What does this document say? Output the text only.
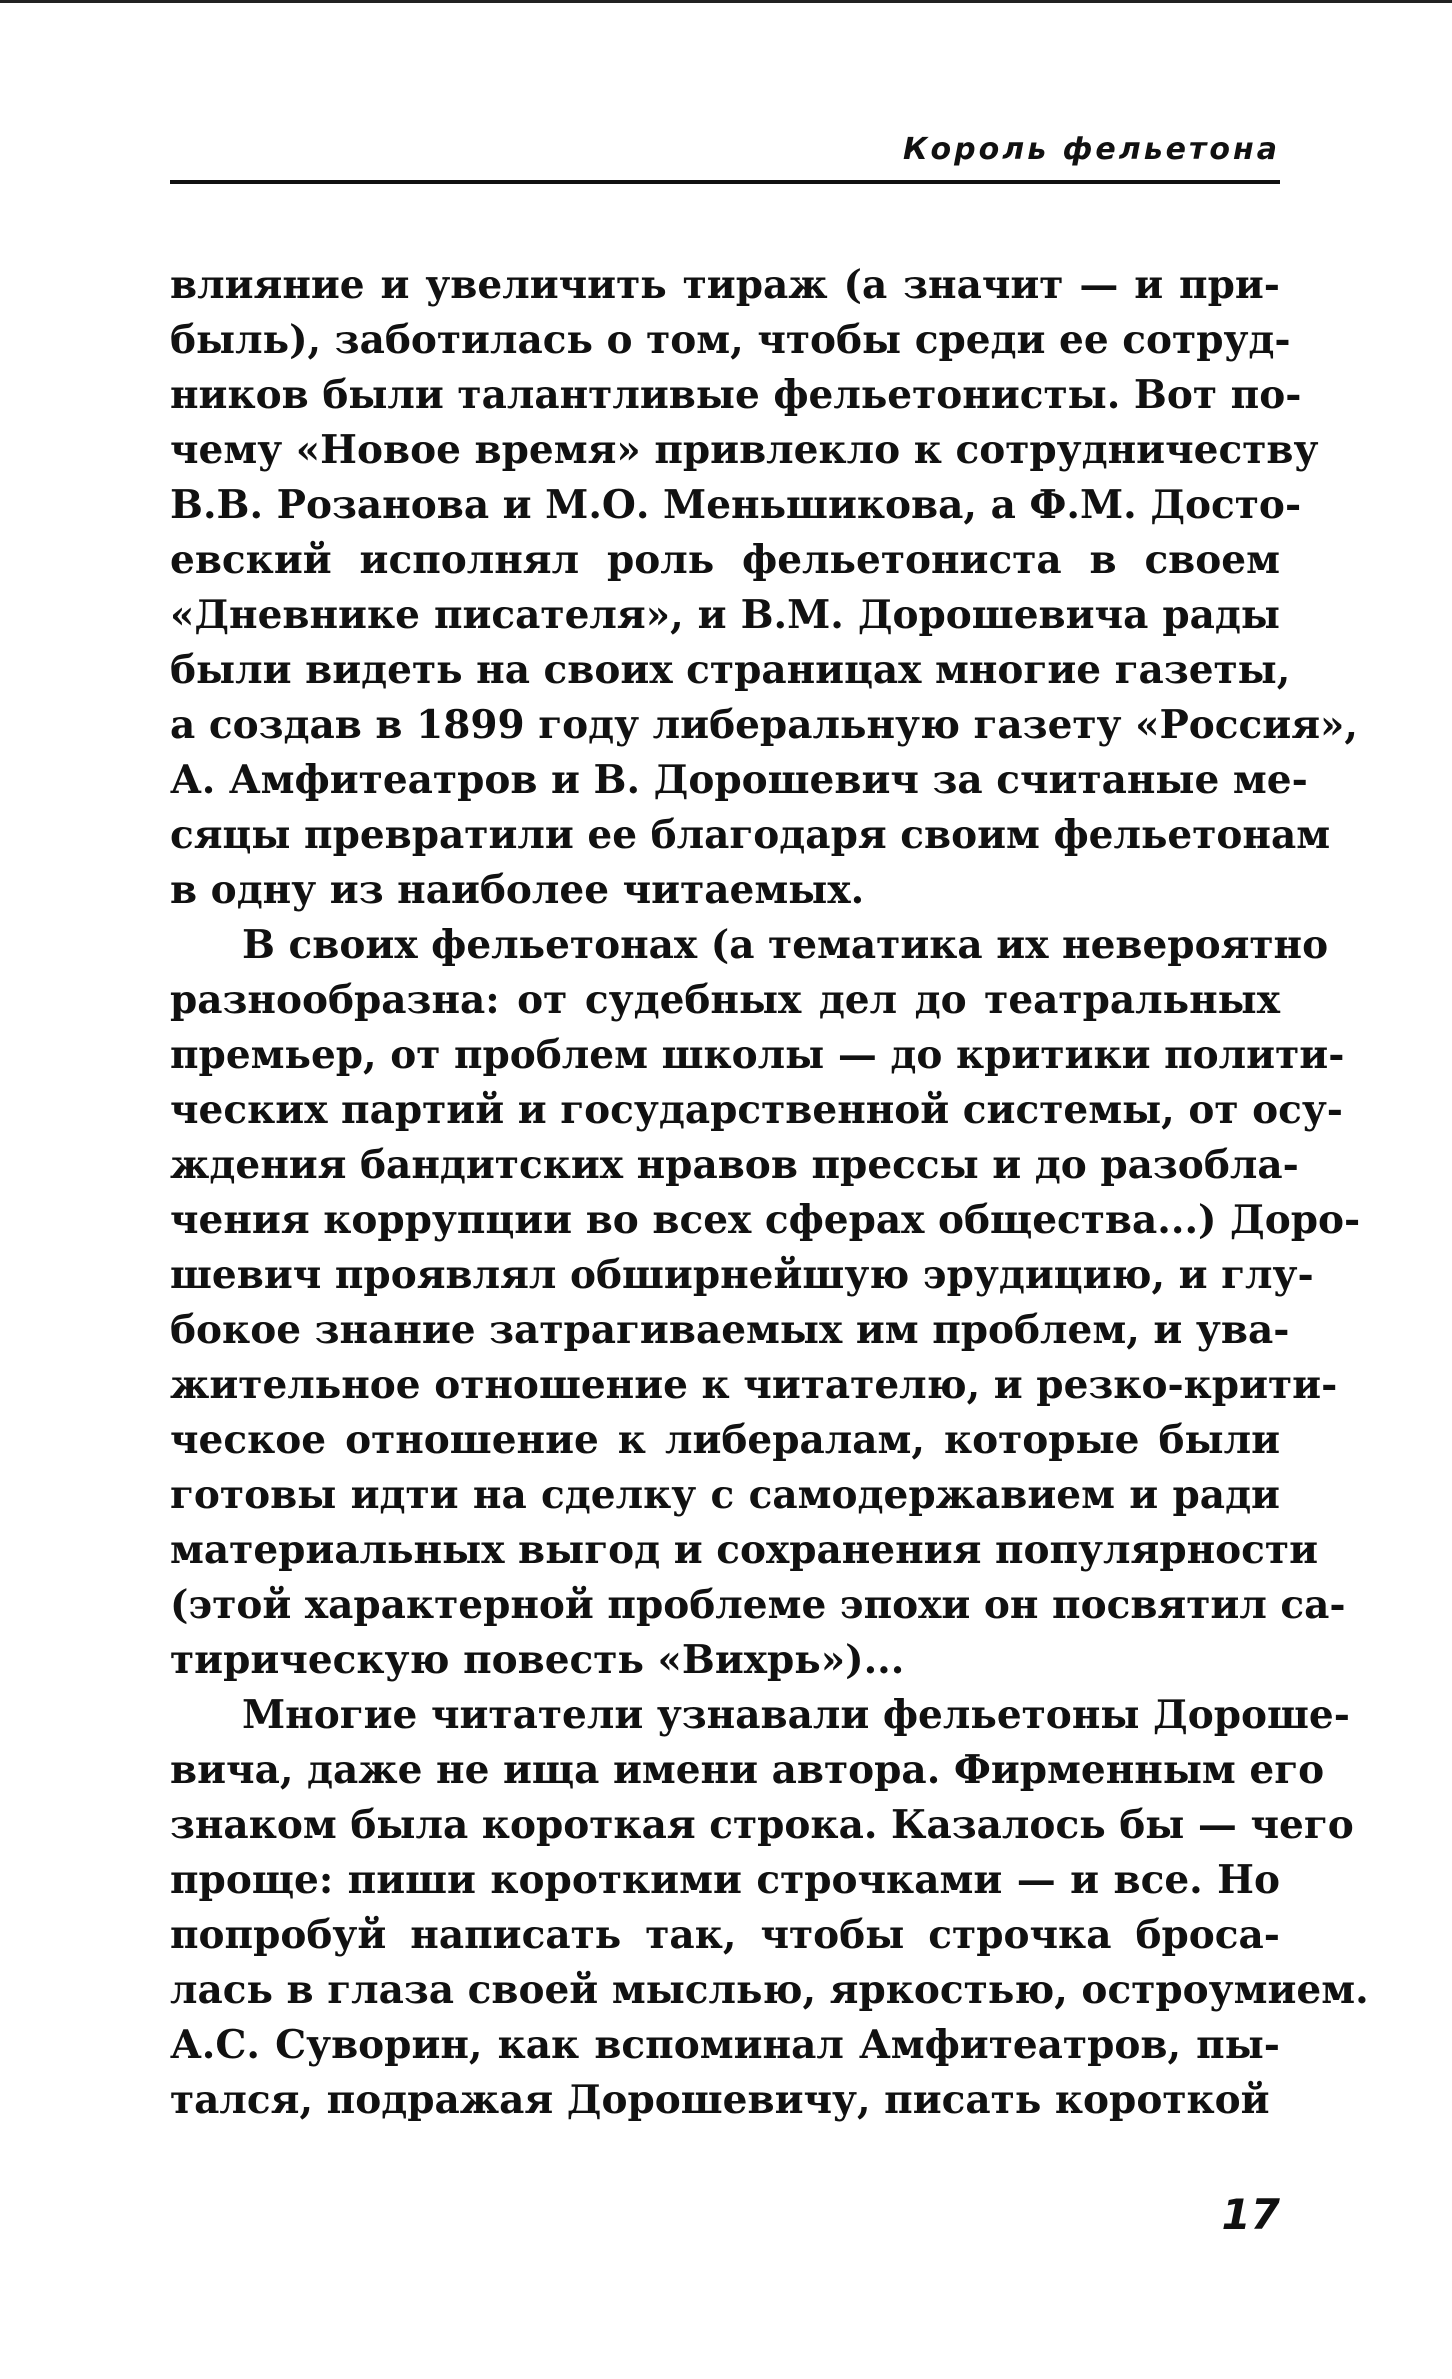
Король фельетона
влияние и увеличить тираж (а значит — и при-
быль), заботилась о том, чтобы среди ее сотруд-
ников были талантливые фельетонисты. Вот по-
чему «Новое время» привлекло к сотрудничеству
В.В. Розанова и М.О. Меньшикова, а Ф.М. Досто-
евский исполнял роль фельетониста в своем
«Дневнике писателя», и В.М. Дорошевича рады
были видеть на своих страницах многие газеты,
а создав в 1899 году либеральную газету «Россия»,
А. Амфитеатров и В. Дорошевич за считаные ме-
сяцы превратили ее благодаря своим фельетонам
в одну из наиболее читаемых.
В своих фельетонах (а тематика их невероятно
разнообразна: от судебных дел до театральных
премьер, от проблем школы — до критики полити-
ческих партий и государственной системы, от осу-
ждения бандитских нравов прессы и до разобла-
чения коррупции во всех сферах общества...) Доро-
шевич проявлял обширнейшую эрудицию, и глу-
бокое знание затрагиваемых им проблем, и ува-
жительное отношение к читателю, и резко-крити-
ческое отношение к либералам, которые были
готовы идти на сделку с самодержавием и ради
материальных выгод и сохранения популярности
(этой характерной проблеме эпохи он посвятил са-
тирическую повесть «Вихрь»)...
Многие читатели узнавали фельетоны Дороше-
вича, даже не ища имени автора. Фирменным его
знаком была короткая строка. Казалось бы — чего
проще: пиши короткими строчками — и все. Но
попробуй написать так, чтобы строчка броса-
лась в глаза своей мыслью, яркостью, остроумием.
А.С. Суворин, как вспоминал Амфитеатров, пы-
тался, подражая Дорошевичу, писать короткой
17
